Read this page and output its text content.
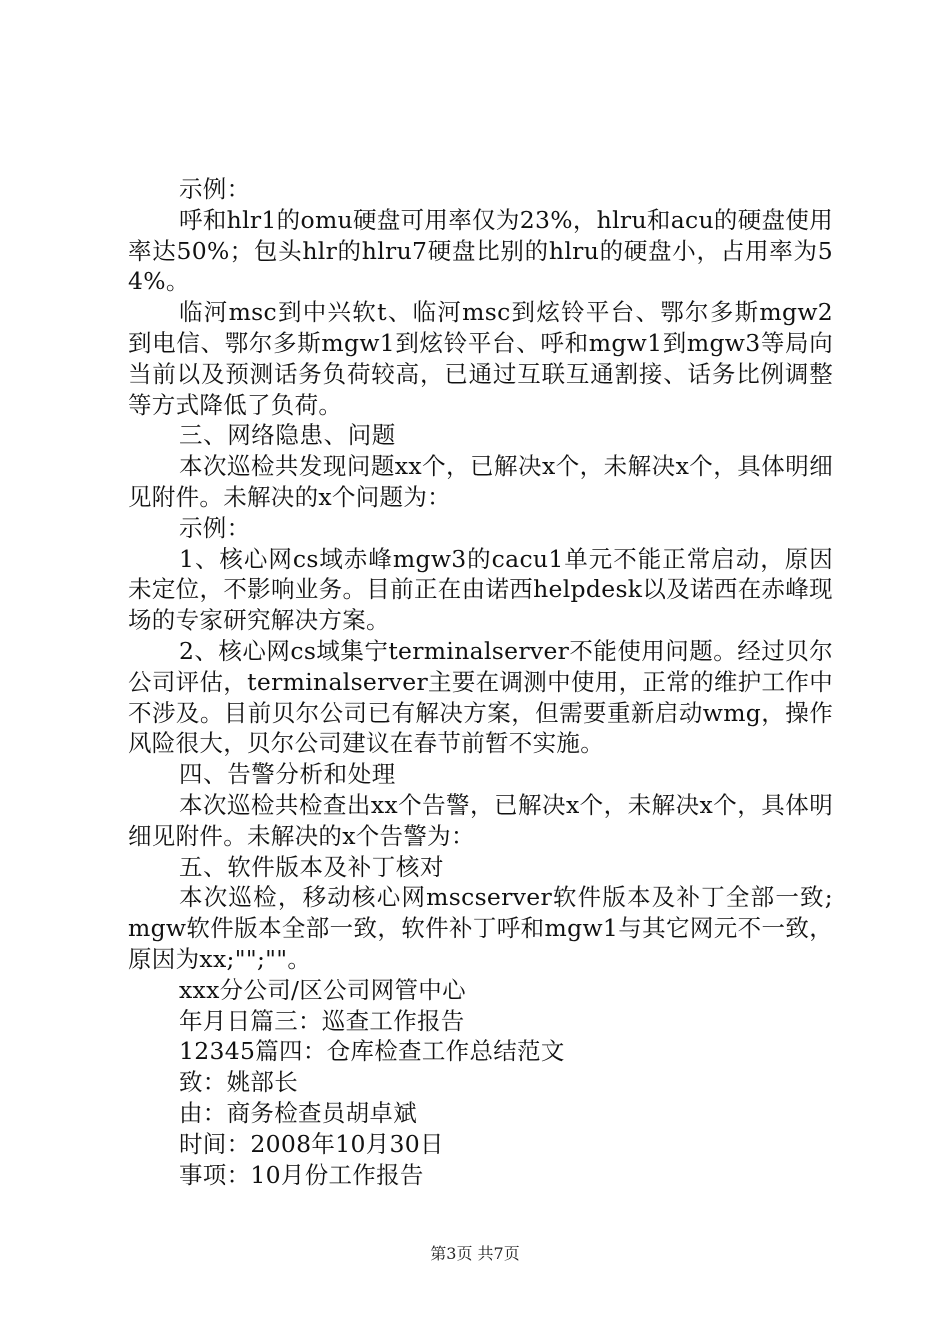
示例：

呼和hlr1的omu硬盘可用率仅为23%，hlru和acu的硬盘使用率达50%；包头hlr的hlru7硬盘比别的hlru的硬盘小，占用率为54%。

临河msc到中兴软t、临河msc到炫铃平台、鄂尔多斯mgw2到电信、鄂尔多斯mgw1到炫铃平台、呼和mgw1到mgw3等局向当前以及预测话务负荷较高，已通过互联互通割接、话务比例调整等方式降低了负荷。

三、网络隐患、问题

本次巡检共发现问题xx个，已解决x个，未解决x个，具体明细见附件。未解决的x个问题为：

示例：

1、核心网cs域赤峰mgw3的cacu1单元不能正常启动，原因未定位，不影响业务。目前正在由诺西helpdesk以及诺西在赤峰现场的专家研究解决方案。

2、核心网cs域集宁terminalserver不能使用问题。经过贝尔公司评估，terminalserver主要在调测中使用，正常的维护工作中不涉及。目前贝尔公司已有解决方案，但需要重新启动wmg，操作风险很大，贝尔公司建议在春节前暂不实施。

四、告警分析和处理

本次巡检共检查出xx个告警，已解决x个，未解决x个，具体明细见附件。未解决的x个告警为：

五、软件版本及补丁核对

本次巡检，移动核心网mscserver软件版本及补丁全部一致;mgw软件版本全部一致，软件补丁呼和mgw1与其它网元不一致，原因为xx;"";""。

xxx分公司/区公司网管中心

年月日篇三：巡查工作报告

12345篇四：仓库检查工作总结范文

致：姚部长

由：商务检查员胡卓斌

时间：2008年10月30日

事项：10月份工作报告

第3页 共7页
